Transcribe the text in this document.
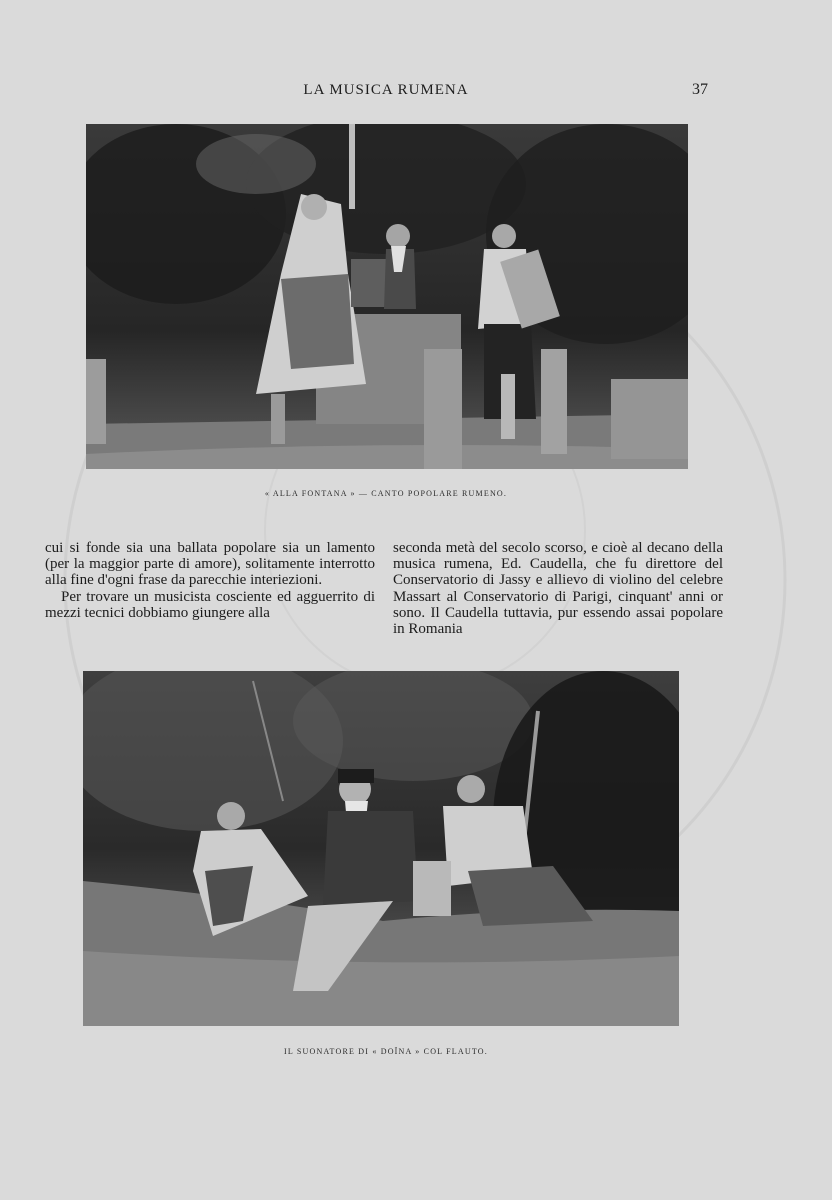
LA MUSICA RUMENA	37
« ALLA FONTANA » — CANTO POPOLARE RUMENO.

cui si fonde sia una ballata popolare sia un lamento (per la maggior parte di amore), solitamente interrotto alla fine d'ogni frase da parecchie interiezioni.

Per trovare un musicista cosciente ed agguerrito di mezzi tecnici dobbiamo giungere alla

seconda metà del secolo scorso, e cioè al decano della musica rumena, Ed. Caudella, che fu direttore del Conservatorio di Jassy e allievo di violino del celebre Massart al Conservatorio di Parigi, cinquant' anni or sono. Il Caudella tuttavia, pur essendo assai popolare in Romania

IL SUONATORE DI « DOÏNA » COL FLAUTO.
